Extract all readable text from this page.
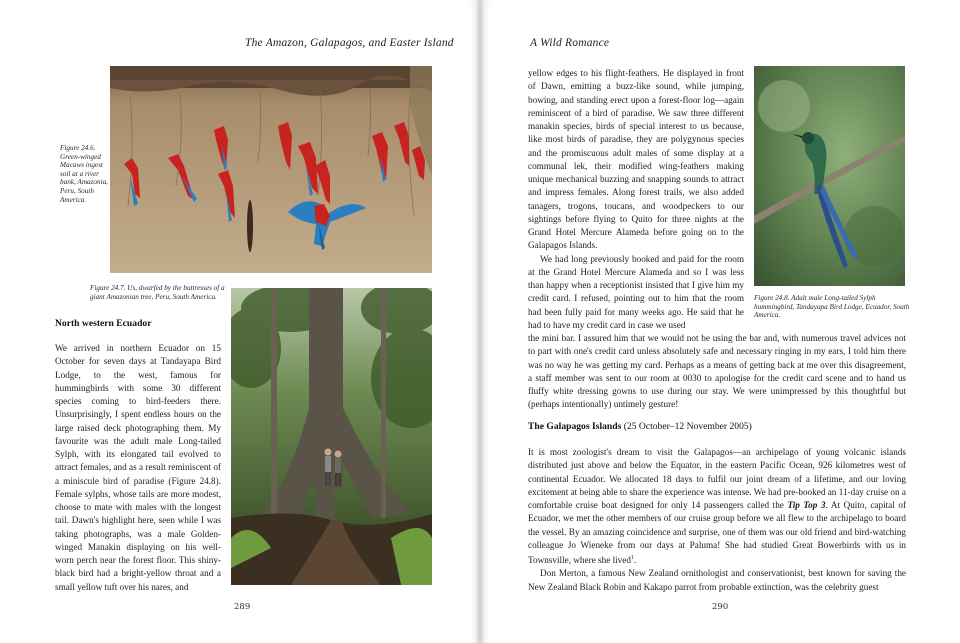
The Amazon, Galapagos, and Easter Island
Figure 24.6. Green-winged Macaws ingest soil at a river bank, Amazonia, Peru, South America.
Figure 24.7. Us, dwarfed by the buttresses of a giant Amazonian tree, Peru, South America.
North western Ecuador

We arrived in northern Ecuador on 15 October for seven days at Tandayapa Bird Lodge, to the west, famous for hummingbirds with some 30 different species coming to bird-feeders there. Unsurprisingly, I spent endless hours on the large raised deck photographing them. My favourite was the adult male Long-tailed Sylph, with its elongated tail evolved to attract females, and as a result reminiscent of a miniscule bird of paradise (Figure 24.8). Female sylphs, whose tails are more modest, choose to mate with males with the longest tail. Dawn's highlight here, seen while I was taking photographs, was a male Golden-winged Manakin displaying on his well-worn perch near the forest floor. This shiny-black bird had a bright-yellow throat and a small yellow tuft over his nares, and

289
A Wild Romance
Figure 24.8. Adult male Long-tailed Sylph hummingbird, Tandayapa Bird Lodge, Ecuador, South America.

yellow edges to his flight-feathers. He displayed in front of Dawn, emitting a buzz-like sound, while jumping, bowing, and standing erect upon a forest-floor log—again reminiscent of a bird of paradise. We saw three different manakin species, birds of special interest to us because, like most birds of paradise, they are polygynous species and the promiscuous adult males of some display at a communal lek, their modified wing-feathers making unique mechanical buzzing and snapping sounds to attract and impress females. Along forest trails, we also added tanagers, trogons, toucans, and woodpeckers to our sightings before flying to Quito for three nights at the Grand Hotel Mercure Alameda before going on to the Galapagos Islands.

We had long previously booked and paid for the room at the Grand Hotel Mercure Alameda and so I was less than happy when a receptionist insisted that I give him my credit card. I refused, pointing out to him that the room had been fully paid for many weeks ago. He said that he had to have my credit card in case we used

the mini bar. I assured him that we would not be using the bar and, with numerous travel advices not to part with one's credit card unless absolutely safe and necessary ringing in my ears, I told him there was no way he was getting my card. Perhaps as a means of getting back at me over this disagreement, a staff member was sent to our room at 0030 to apologise for the credit card scene and to hand us fluffy white dressing gowns to use during our stay. We were unimpressed by this thoughtful but (perhaps intentionally) untimely gesture!

The Galapagos Islands (25 October–12 November 2005)

It is most zoologist's dream to visit the Galapagos—an archipelago of young volcanic islands distributed just above and below the Equator, in the eastern Pacific Ocean, 926 kilometres west of continental Ecuador. We allocated 18 days to fulfil our joint dream of a lifetime, and our loving excitement at being able to share the experience was intense. We had pre-booked an 11-day cruise on a comfortable cruise boat designed for only 14 passengers called the Tip Top 3. At Quito, capital of Ecuador, we met the other members of our cruise group before we all flew to the archipelago to board the vessel. By an amazing coincidence and surprise, one of them was our old friend and bird-watching colleague Jo Wieneke from our days at Paluma! She had studied Great Bowerbirds with us in Townsville, where she lived$^1$.

Don Merton, a famous New Zealand ornithologist and conservationist, best known for saving the New Zealand Black Robin and Kakapo parrot from probable extinction, was the celebrity guest

290
